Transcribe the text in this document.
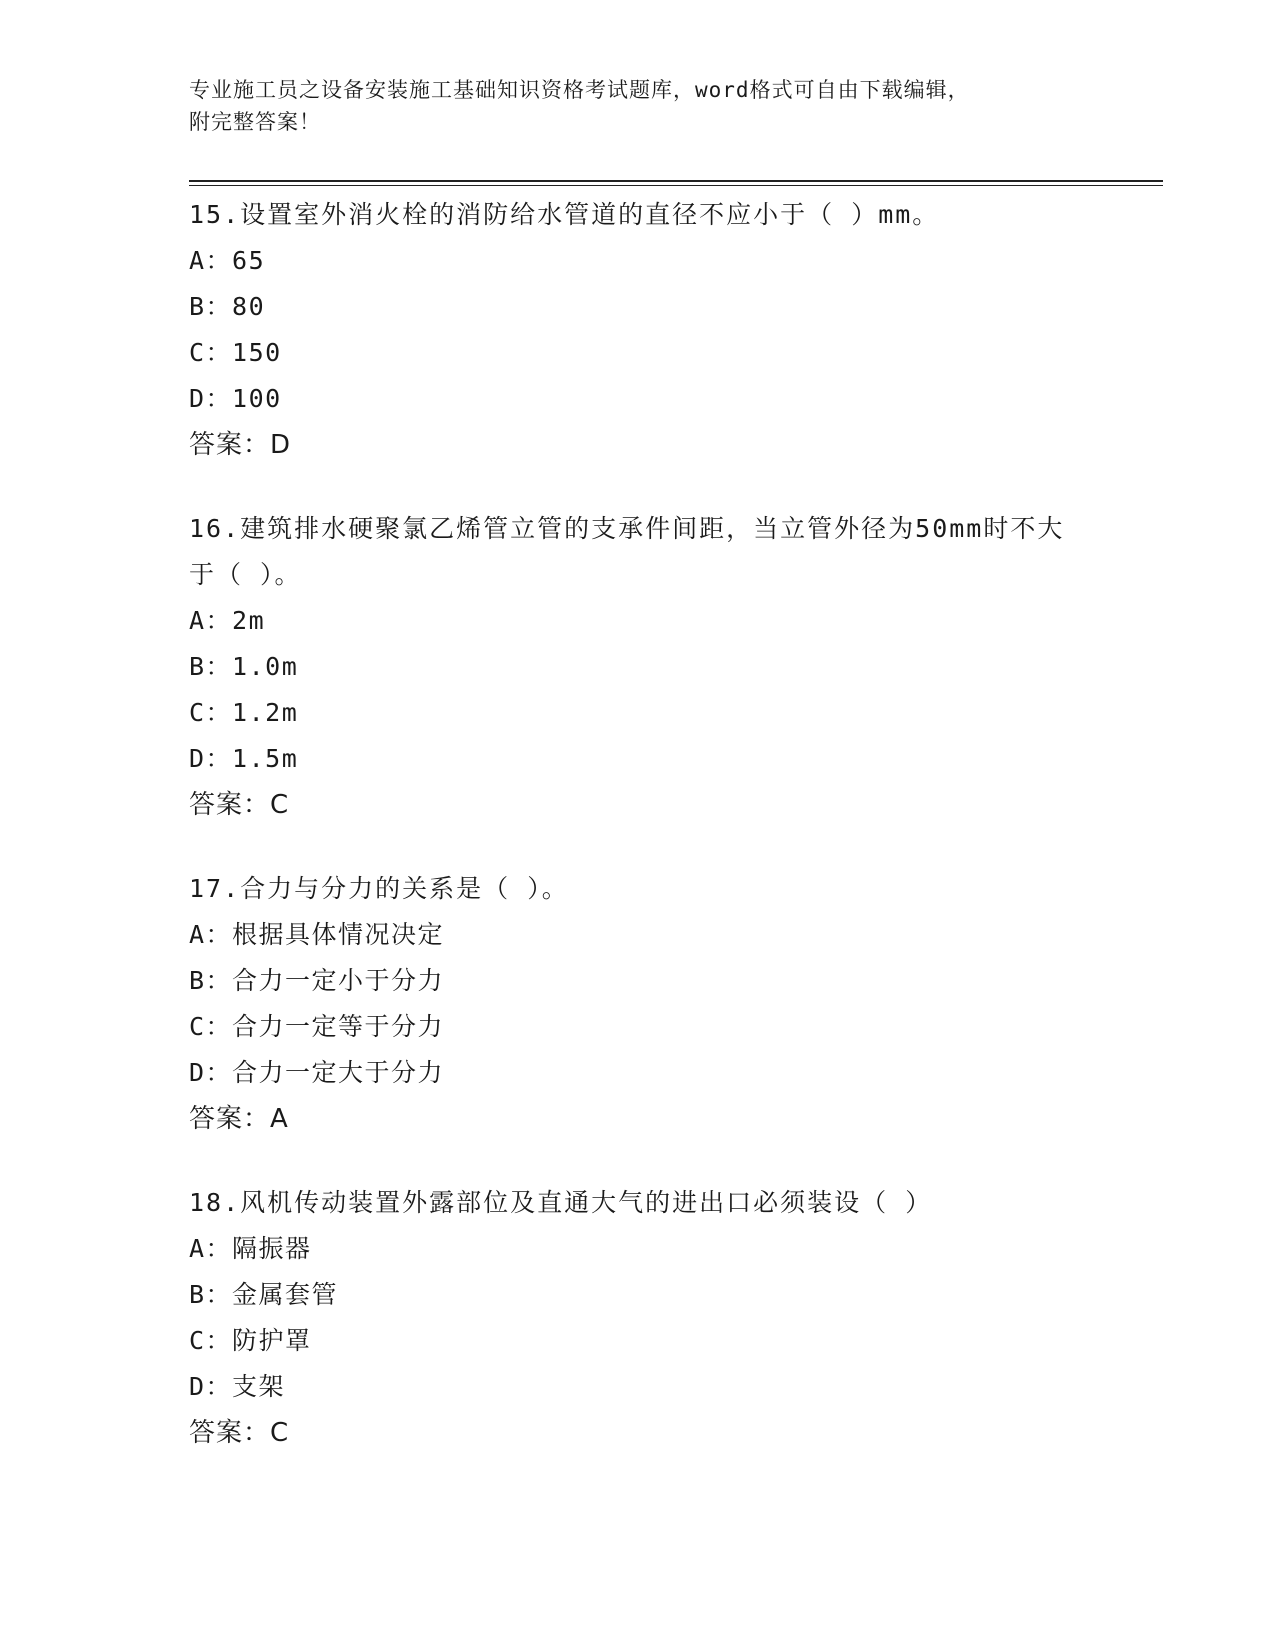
专业施工员之设备安装施工基础知识资格考试题库，word格式可自由下载编辑，
附完整答案！
15.设置室外消火栓的消防给水管道的直径不应小于（ ）mm。
A：65
B：80
C：150
D：100
答案：D
16.建筑排水硬聚氯乙烯管立管的支承件间距，当立管外径为50mm时不大于（ ）。
A：2m
B：1.0m
C：1.2m
D：1.5m
答案：C
17.合力与分力的关系是（ ）。
A：根据具体情况决定
B：合力一定小于分力
C：合力一定等于分力
D：合力一定大于分力
答案：A
18.风机传动装置外露部位及直通大气的进出口必须装设（ ）
A：隔振器
B：金属套管
C：防护罩
D：支架
答案：C
